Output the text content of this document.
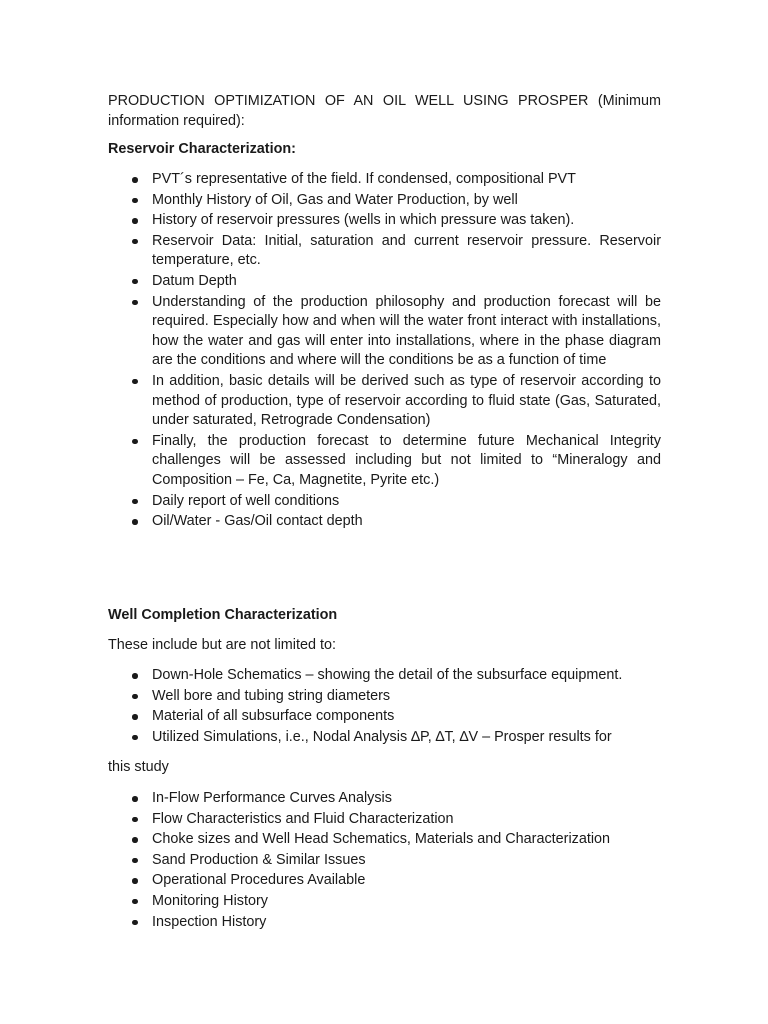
PRODUCTION OPTIMIZATION OF AN OIL WELL USING PROSPER (Minimum information required):
Reservoir Characterization:
PVT´s representative of the field. If condensed, compositional PVT
Monthly History of Oil, Gas and Water Production, by well
History of reservoir pressures (wells in which pressure was taken).
Reservoir Data: Initial, saturation and current reservoir pressure. Reservoir temperature, etc.
Datum Depth
Understanding of the production philosophy and production forecast will be required. Especially how and when will the water front interact with installations, how the water and gas will enter into installations, where in the phase diagram are the conditions and where will the conditions be as a function of time
In addition, basic details will be derived such as type of reservoir according to method of production, type of reservoir according to fluid state (Gas, Saturated, under saturated, Retrograde Condensation)
Finally, the production forecast to determine future Mechanical Integrity challenges will be assessed including but not limited to “Mineralogy and Composition – Fe, Ca, Magnetite, Pyrite etc.)
Daily report of well conditions
Oil/Water - Gas/Oil contact depth
Well Completion Characterization
These include but are not limited to:
Down-Hole Schematics – showing the detail of the subsurface equipment.
Well bore and tubing string diameters
Material of all subsurface components
Utilized Simulations, i.e., Nodal Analysis ∆P, ∆T, ∆V – Prosper results for
this study
In-Flow Performance Curves Analysis
Flow Characteristics and Fluid Characterization
Choke sizes and Well Head Schematics, Materials and Characterization
Sand Production & Similar Issues
Operational Procedures Available
Monitoring History
Inspection History
